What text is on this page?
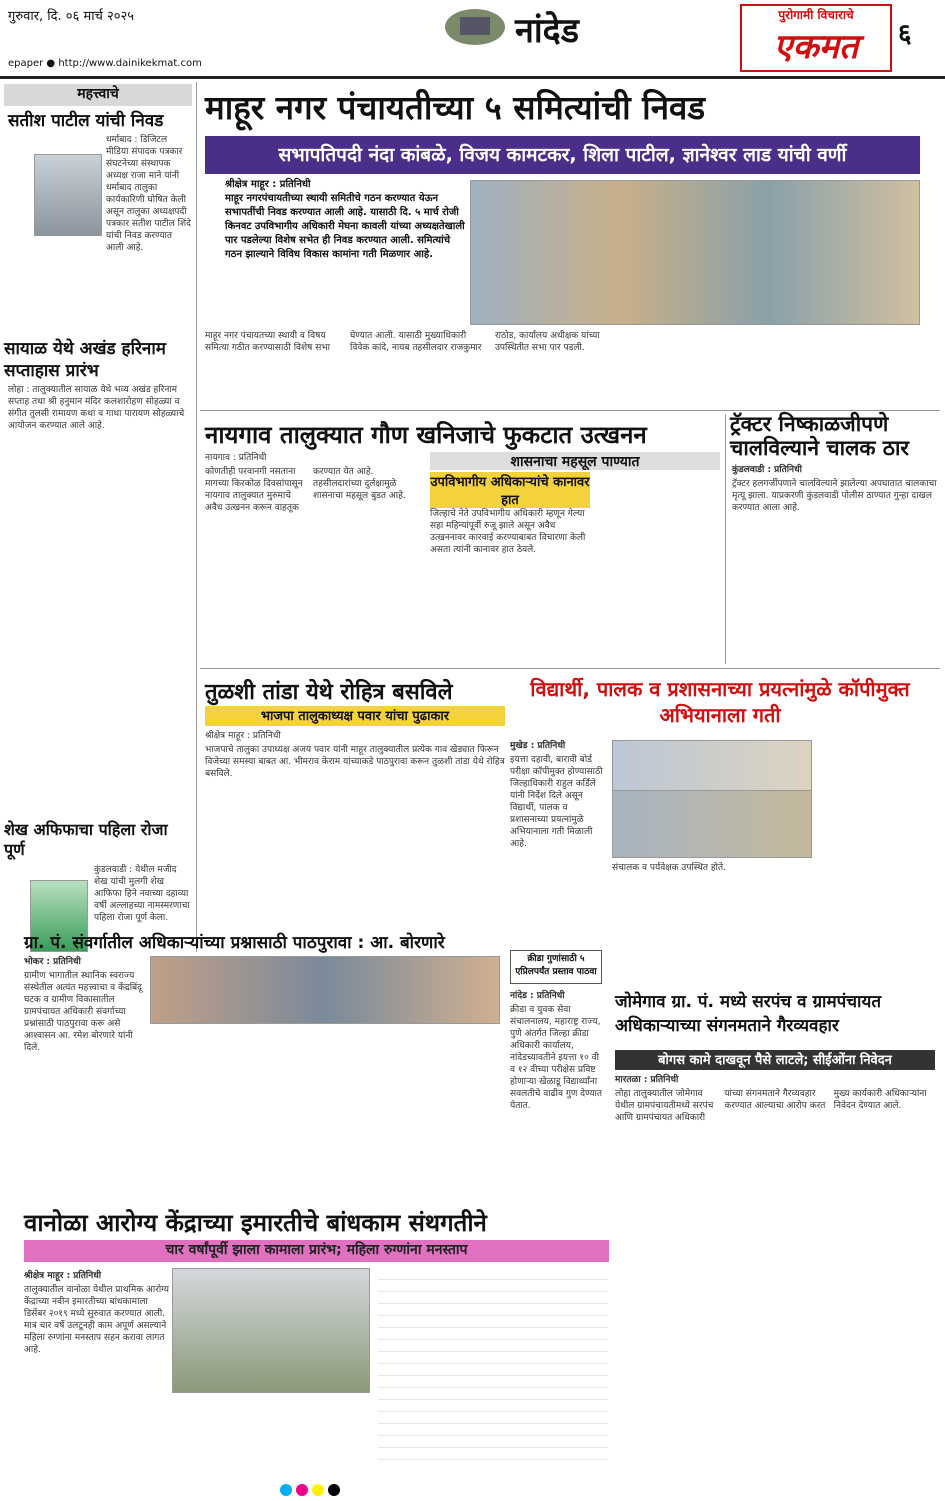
गुरुवार, दि. ०६ मार्च २०२५
epaper ● http://www.dainikekmat.com
नांदेड	पुरोगामी विचाराचे
एकमत	६
महत्त्वाचे
सतीश पाटील यांची निवड
धर्माबाद : डिजिटल मीडिया संपादक पत्रकार संघटनेच्या संस्थापक अध्यक्ष राजा माने यांनी धर्माबाद तालुका कार्यकारिणी घोषित केली असून तालुका अध्यक्षपदी पत्रकार सतीश पाटील शिंदे यांची निवड करण्यात आली आहे.
सायाळ येथे अखंड हरिनाम सप्ताहास प्रारंभ
लोहा : तालुक्यातील सायाळ येथे भव्य अखंड हरिनाम सप्ताह तथा श्री हनुमान मंदिर कलशारोहण सोहळ्या व संगीत तुलसी रामायण कथा व गाथा पारायण सोहळ्याचे आयोजन करण्यात आले आहे.
शेख अफिफाचा पहिला रोजा पूर्ण
कुंडलवाडी : येथील मजीद शेख यांची मुलगी शेख आफिफा हिने नवाच्या दहाव्या वर्षी अल्लाहच्या नामस्मरणाचा पहिला रोजा पूर्ण केला.
माहूर नगर पंचायतीच्या ५ समित्यांची निवड
सभापतिपदी नंदा कांबळे, विजय कामटकर, शिला पाटील, ज्ञानेश्वर लाड यांची वर्णी
श्रीक्षेत्र माहूर : प्रतिनिधी
माहूर नगरपंचायतीच्या स्थायी समितीचे गठन करण्यात येऊन सभापतींची निवड करण्यात आली आहे. यासाठी दि. ५ मार्च रोजी किनवट उपविभागीय अधिकारी मेघना कावली यांच्या अध्यक्षतेखाली पार पडलेल्या विशेष सभेत ही निवड करण्यात आली. समित्यांचे गठन झाल्याने विविध विकास कामांना गती मिळणार आहे.
माहूर नगर पंचायतच्या स्थायी व विषय समित्या गठीत करण्यासाठी विशेष सभा घेण्यात आली. यासाठी मुख्याधिकारी विवेक कांदे, नायब तहसीलदार राजकुमार राठोड, कार्यालय अधीक्षक यांच्या उपस्थितीत सभा पार पडली.
नायगाव तालुक्यात गौण खनिजाचे फुकटात उत्खनन
शासनाचा महसूल पाण्यात
नायगाव : प्रतिनिधी
कोणतीही परवानगी नसताना मागच्या किरकोळ दिवसांपासून नायगाव तालुक्यात मुरुमाचे अवैध उत्खनन करून वाहतूक करण्यात येत आहे. तहसीलदारांच्या दुर्लक्षामुळे शासनाचा महसूल बुडत आहे.
उपविभागीय अधिकाऱ्यांचे कानावर हात
जिल्हाचे नेते उपविभागीय अधिकारी म्हणून गेल्या सहा महिन्यांपूर्वी रुजू झाले असून अवैध उत्खननावर कारवाई करण्याबाबत विचारणा केली असता त्यांनी कानावर हात ठेवले.
ट्रॅक्टर निष्काळजीपणे चालविल्याने चालक ठार
कुंडलवाडी : प्रतिनिधी
ट्रॅक्टर हलगर्जीपणाने चालविल्याने झालेल्या अपघातात चालकाचा मृत्यू झाला. याप्रकरणी कुंडलवाडी पोलीस ठाण्यात गुन्हा दाखल करण्यात आला आहे.
तुळशी तांडा येथे रोहित्र बसविले
भाजपा तालुकाध्यक्ष पवार यांचा पुढाकार
श्रीक्षेत्र माहूर : प्रतिनिधी
भाजपाचे तालुका उपाध्यक्ष अजय पवार यांनी माहूर तालुक्यातील प्रत्येक गाव खेड्यात फिरून विजेच्या समस्या बाबत आ. भीमराव केराम यांच्याकडे पाठपुरावा करून तुळशी तांडा येथे रोहित्र बसविले.
विद्यार्थी, पालक व प्रशासनाच्या प्रयत्नांमुळे कॉपीमुक्त अभियानाला गती
मुखेड : प्रतिनिधी
इयत्ता दहावी, बारावी बोर्ड परीक्षा कॉपीमुक्त होण्यासाठी जिल्हाधिकारी राहुल कर्डिले यांनी निर्देश दिले असून विद्यार्थी, पालक व प्रशासनाच्या प्रयत्नांमुळे अभियानाला गती मिळाली आहे.
संचालक व पर्यवेक्षक उपस्थित होते.
ग्रा. पं. संवर्गातील अधिकाऱ्यांच्या प्रश्नासाठी पाठपुरावा : आ. बोरणारे
भोकर : प्रतिनिधी
ग्रामीण भागातील स्थानिक स्वराज्य संस्थेतील अत्यंत महत्त्वाचा व केंद्रबिंदू घटक व ग्रामीण विकासातील ग्रामपंचायत अधिकारी संवर्गाच्या प्रश्नांसाठी पाठपुरावा करू असे आश्वासन आ. रमेश बोरणारे यांनी दिले.
क्रीडा गुणांसाठी ५ एप्रिलपर्यंत प्रस्ताव पाठवा
नांदेड : प्रतिनिधी
क्रीडा व युवक सेवा संचालनालय, महाराष्ट्र राज्य, पुणे अंतर्गत जिल्हा क्रीडा अधिकारी कार्यालय, नांदेडच्यावतीने इयत्ता १० वी व १२ वीच्या परीक्षेस प्रविष्ट होणाऱ्या खेळाडू विद्यार्थ्यांना सवलतीचे वाढीव गुण देण्यात येतात.
जोमेगाव ग्रा. पं. मध्ये सरपंच व ग्रामपंचायत अधिकाऱ्याच्या संगनमताने गैरव्यवहार
बोगस कामे दाखवून पैसे लाटले; सीईओंना निवेदन
मारतळा : प्रतिनिधी
लोहा तालुक्यातील जोमेगाव येथील ग्रामपंचायतीमध्ये सरपंच आणि ग्रामपंचायत अधिकारी यांच्या संगनमताने गैरव्यवहार करण्यात आल्याचा आरोप करत मुख्य कार्यकारी अधिकाऱ्यांना निवेदन देण्यात आले.
वानोळा आरोग्य केंद्राच्या इमारतीचे बांधकाम संथगतीने
चार वर्षांपूर्वी झाला कामाला प्रारंभ; महिला रुग्णांना मनस्ताप
श्रीक्षेत्र माहूर : प्रतिनिधी
तालुक्यातील वानोळा येथील प्राथमिक आरोग्य केंद्राच्या नवीन इमारतीच्या बांधकामाला डिसेंबर २०१९ मध्ये सुरुवात करण्यात आली. मात्र चार वर्षे उलटूनही काम अपूर्ण असल्याने महिला रुग्णांना मनस्ताप सहन करावा लागत आहे.
